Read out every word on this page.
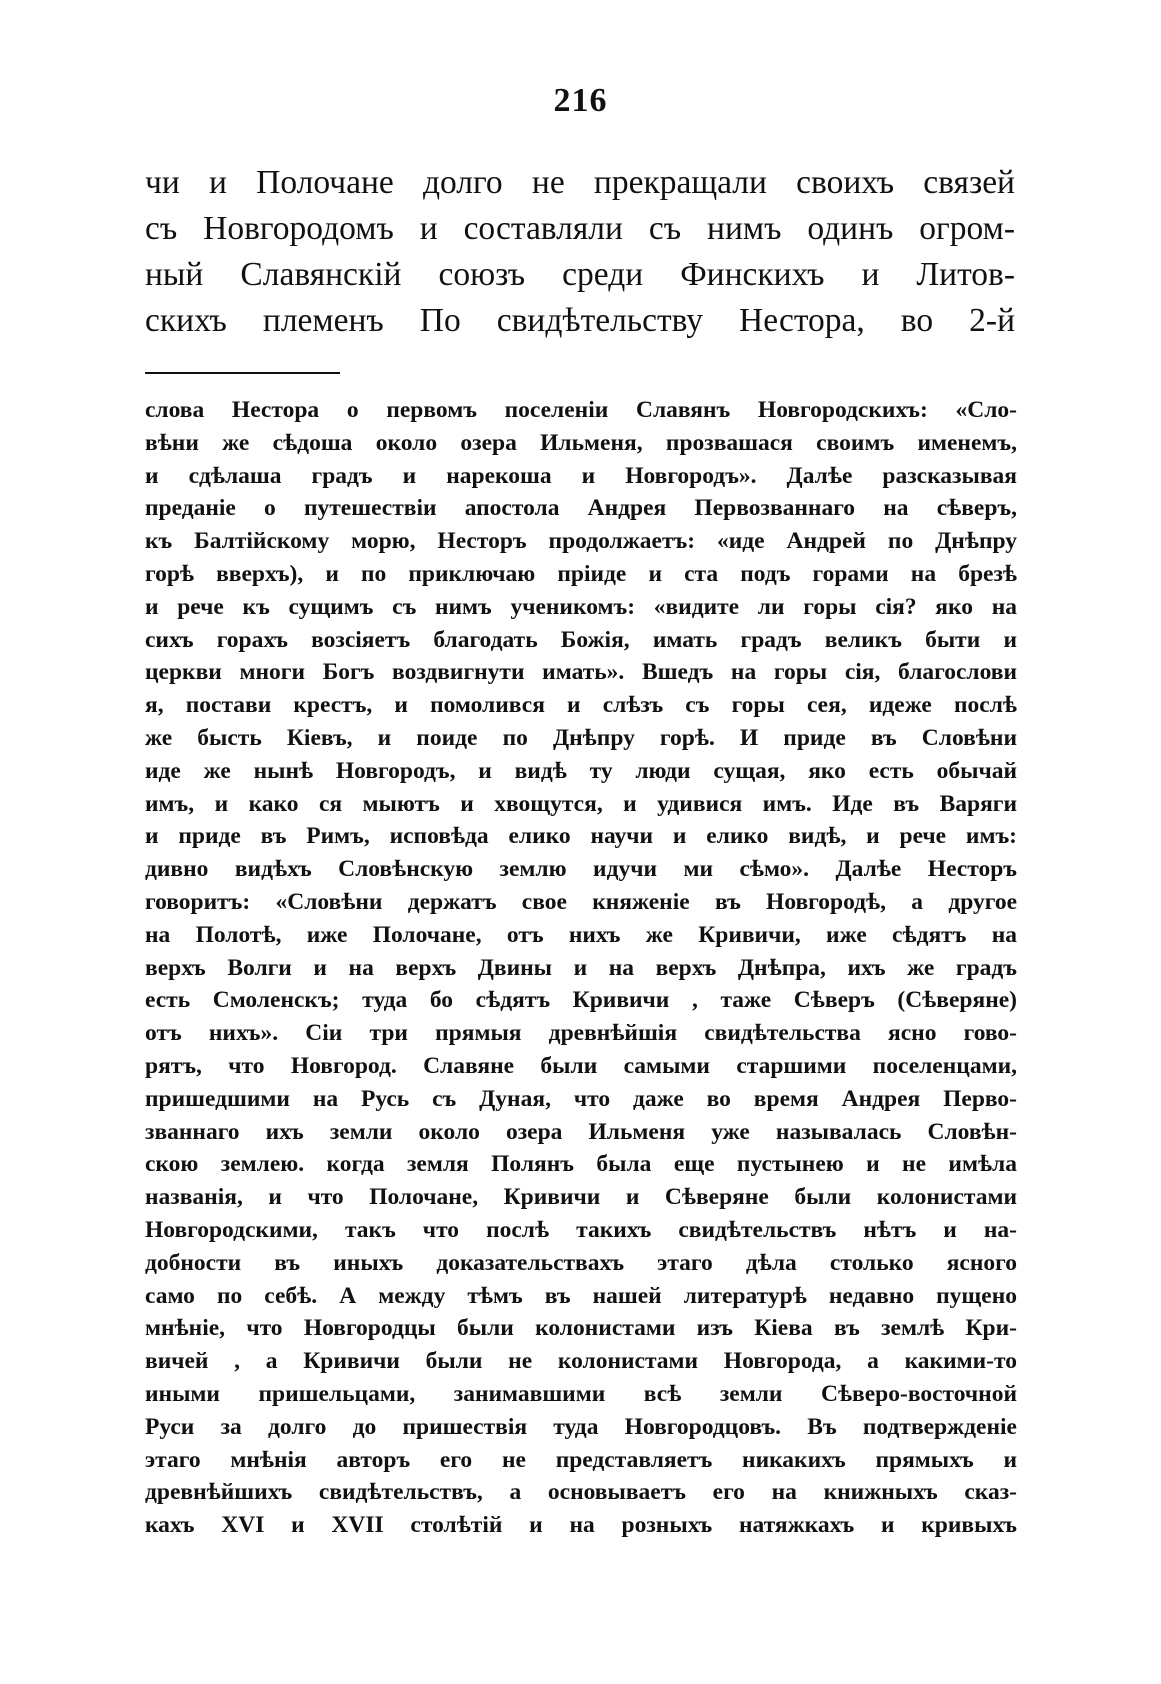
216
чи и Полочане долго не прекращали своихъ связей
съ Новгородомъ и составляли съ нимъ одинъ огром-
ный Славянскій союзъ среди Финскихъ и Литов-
скихъ племенъ По свидѣтельству Нестора, во 2-й
слова Нестора о первомъ поселеніи Славянъ Новгородскихъ: «Сло-
вѣни же сѣдоша около озера Ильменя, прозвашася своимъ именемъ,
и сдѣлаша градъ и нарекоша и Новгородъ». Далѣе разсказывая
преданіе о путешествіи апостола Андрея Первозваннаго на сѣверъ,
къ Балтійскому морю, Несторъ продолжаетъ: «иде Андрей по Днѣпру
горѣ вверхъ), и по приключаю пріиде и ста подъ горами на брезѣ
и рече къ сущимъ съ нимъ ученикомъ: «видите ли горы сія? яко на
сихъ горахъ возсіяетъ благодать Божія, имать градъ великъ быти и
церкви многи Богъ воздвигнути имать». Вшедъ на горы сія, благослови
я, постави крестъ, и помолився и слѣзъ съ горы сея, идеже послѣ
же бысть Кіевъ, и поиде по Днѣпру горѣ. И приде въ Словѣни
иде же нынѣ Новгородъ, и видѣ ту люди сущая, яко есть обычай
имъ, и како ся мыютъ и хвощутся, и удивися имъ. Иде въ Варяги
и приде въ Римъ, исповѣда елико научи и елико видѣ, и рече имъ:
дивно видѣхъ Словѣнскую землю идучи ми сѣмо». Далѣе Несторъ
говоритъ: «Словѣни держатъ свое княженіе въ Новгородѣ, а другое
на Полотѣ, иже Полочане, отъ нихъ же Кривичи, иже сѣдятъ на
верхъ Волги и на верхъ Двины и на верхъ Днѣпра, ихъ же градъ
есть Смоленскъ; туда бо сѣдятъ Кривичи , таже Сѣверъ (Сѣверяне)
отъ нихъ». Сіи три прямыя древнѣйшія свидѣтельства ясно гово-
рятъ, что Новгород. Славяне были самыми старшими поселенцами,
пришедшими на Русь съ Дуная, что даже во время Андрея Перво-
званнаго ихъ земли около озера Ильменя уже называлась Словѣн-
скою землею. когда земля Полянъ была еще пустынею и не имѣла
названія, и что Полочане, Кривичи и Сѣверяне были колонистами
Новгородскими, такъ что послѣ такихъ свидѣтельствъ нѣтъ и на-
добности въ иныхъ доказательствахъ этаго дѣла столько ясного
само по себѣ. А между тѣмъ въ нашей литературѣ недавно пущено
мнѣніе, что Новгородцы были колонистами изъ Кіева въ землѣ Кри-
вичей , а Кривичи были не колонистами Новгорода, а какими-то
иными пришельцами, занимавшими всѣ земли Сѣверо-восточной
Руси за долго до пришествія туда Новгородцовъ. Въ подтвержденіе
этаго мнѣнія авторъ его не представляетъ никакихъ прямыхъ и
древнѣйшихъ свидѣтельствъ, а основываетъ его на книжныхъ сказ-
кахъ XVI и XVII столѣтій и на розныхъ натяжкахъ и кривыхъ
